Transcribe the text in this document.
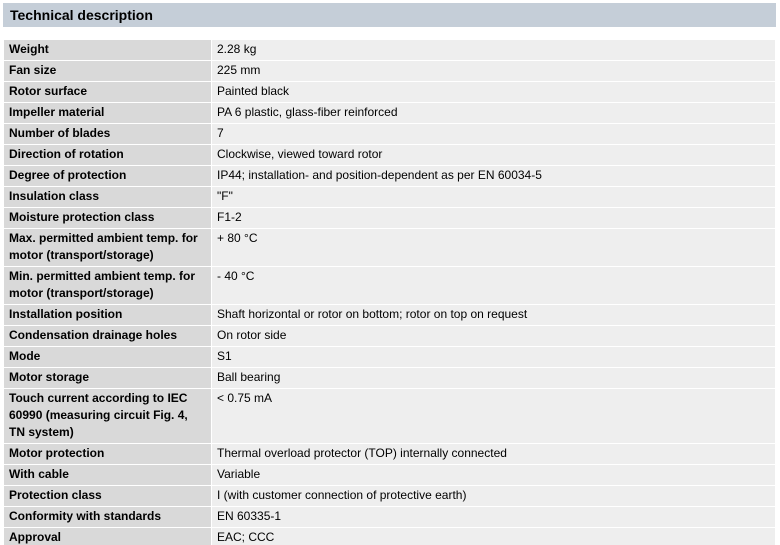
Technical description
Weight	2.28 kg
Fan size	225 mm
Rotor surface	Painted black
Impeller material	PA 6 plastic, glass-fiber reinforced
Number of blades	7
Direction of rotation	Clockwise, viewed toward rotor
Degree of protection	IP44; installation- and position-dependent as per EN 60034-5
Insulation class	"F"
Moisture protection class	F1-2
Max. permitted ambient temp. for motor (transport/storage)	+ 80 °C
Min. permitted ambient temp. for motor (transport/storage)	- 40 °C
Installation position	Shaft horizontal or rotor on bottom; rotor on top on request
Condensation drainage holes	On rotor side
Mode	S1
Motor storage	Ball bearing
Touch current according to IEC 60990 (measuring circuit Fig. 4, TN system)	< 0.75 mA
Motor protection	Thermal overload protector (TOP) internally connected
With cable	Variable
Protection class	I (with customer connection of protective earth)
Conformity with standards	EN 60335-1
Approval	EAC; CCC
